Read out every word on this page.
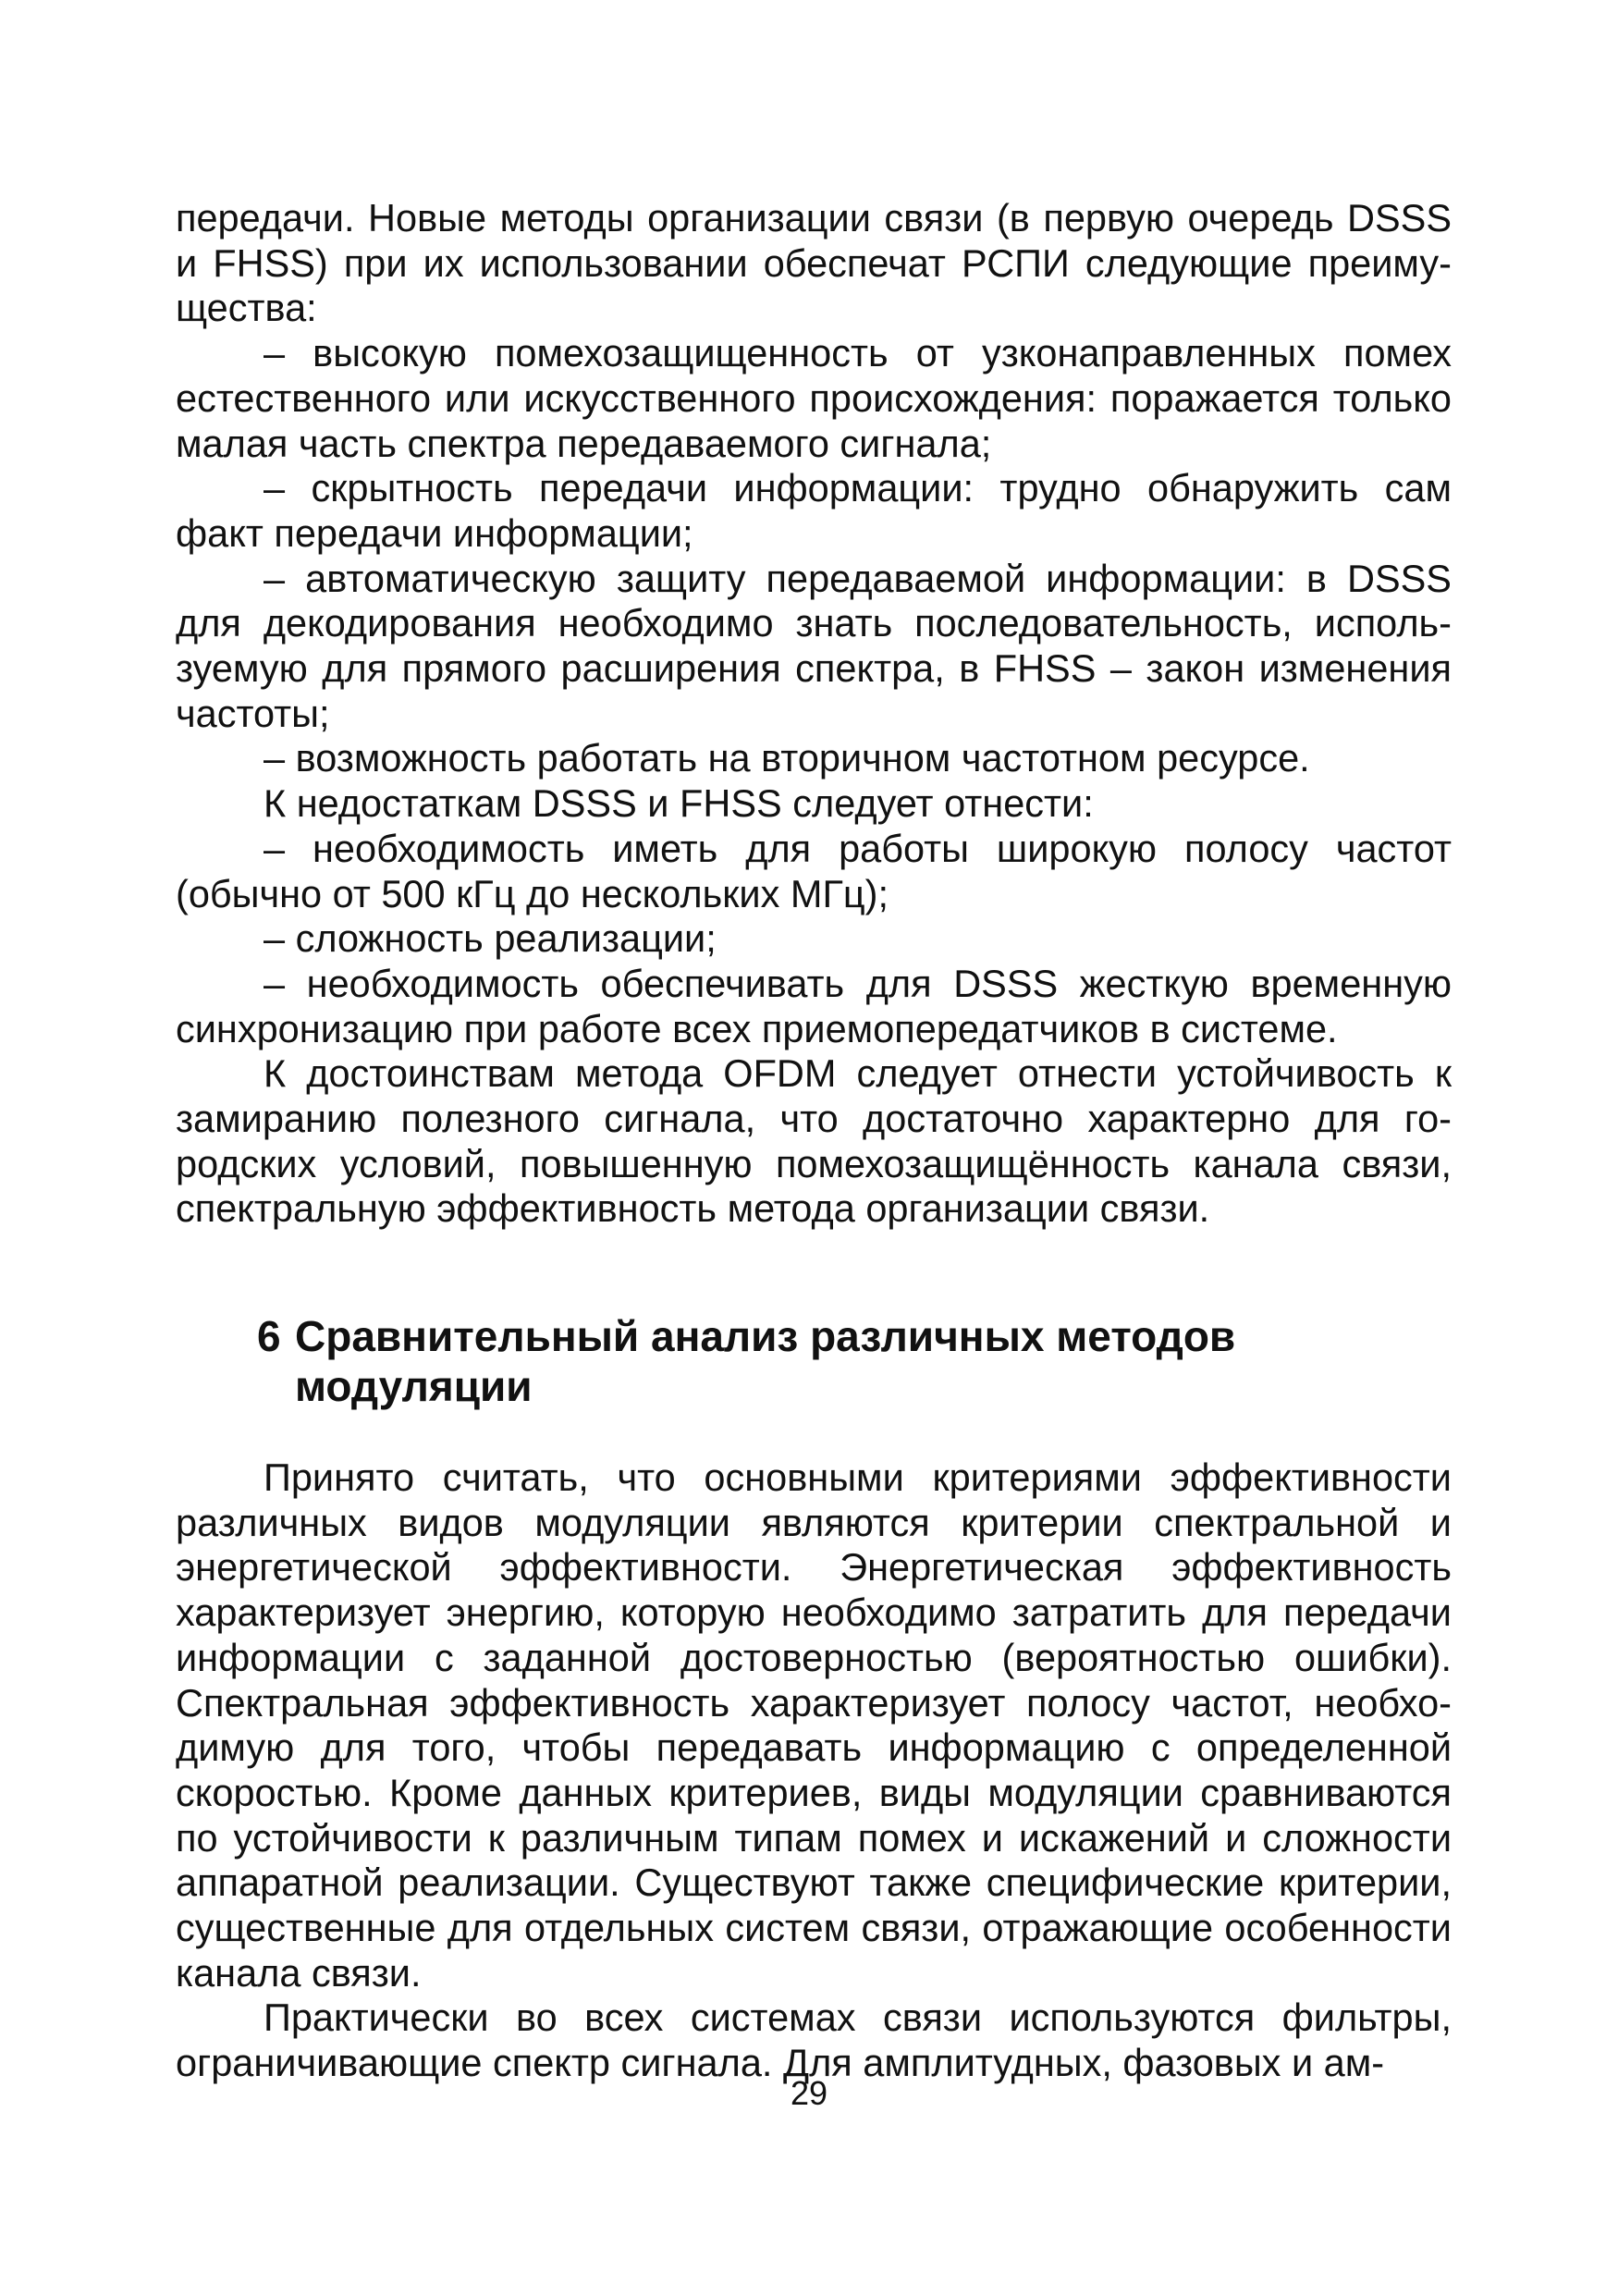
передачи. Новые методы организации связи (в первую очередь DSSS и FHSS) при их использовании обеспечат РСПИ следующие преимущества:

– высокую помехозащищенность от узконаправленных помех естественного или искусственного происхождения: поражается только малая часть спектра передаваемого сигнала;

– скрытность передачи информации: трудно обнаружить сам факт передачи информации;

– автоматическую защиту передаваемой информации: в DSSS для декодирования необходимо знать последовательность, используемую для прямого расширения спектра, в FHSS – закон изменения частоты;

– возможность работать на вторичном частотном ресурсе.

К недостаткам DSSS и FHSS следует отнести:

– необходимость иметь для работы широкую полосу частот (обычно от 500 кГц до нескольких МГц);

– сложность реализации;

– необходимость обеспечивать для DSSS жесткую временную синхронизацию при работе всех приемопередатчиков в системе.

К достоинствам метода OFDM следует отнести устойчивость к замиранию полезного сигнала, что достаточно характерно для городских условий, повышенную помехозащищённость канала связи, спектральную эффективность метода организации связи.

6 Сравнительный анализ различных методов
модуляции

Принято считать, что основными критериями эффективности различных видов модуляции являются критерии спектральной и энергетической эффективности. Энергетическая эффективность характеризует энергию, которую необходимо затратить для передачи информации с заданной достоверностью (вероятностью ошибки). Спектральная эффективность характеризует полосу частот, необходимую для того, чтобы передавать информацию с определенной скоростью. Кроме данных критериев, виды модуляции сравниваются по устойчивости к различным типам помех и искажений и сложности аппаратной реализации. Существуют также специфические критерии, существенные для отдельных систем связи, отражающие особенности канала связи.

Практически во всех системах связи используются фильтры, ограничивающие спектр сигнала. Для амплитудных, фазовых и ам-

29
